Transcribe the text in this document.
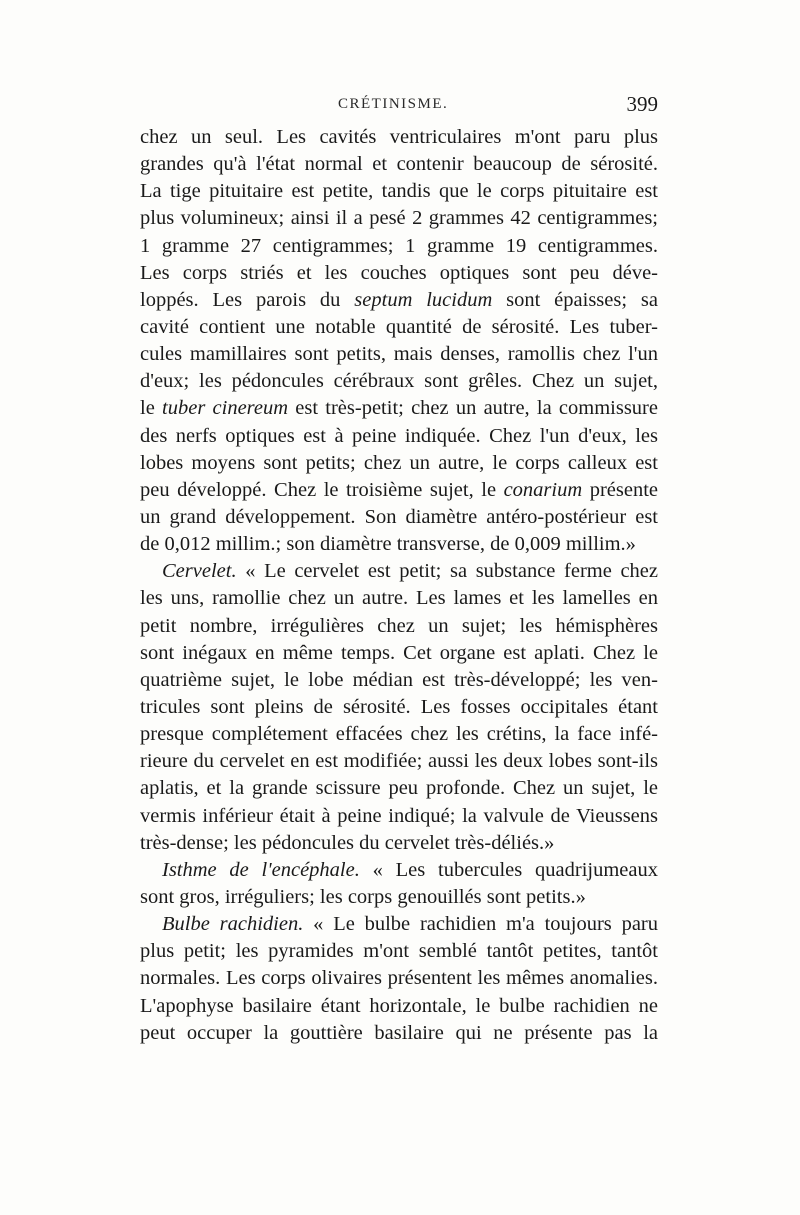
CRÉTINISME.	399
chez un seul. Les cavités ventriculaires m'ont paru plus
grandes qu'à l'état normal et contenir beaucoup de sérosité.
La tige pituitaire est petite, tandis que le corps pituitaire est
plus volumineux; ainsi il a pesé 2 grammes 42 centigrammes;
1 gramme 27 centigrammes; 1 gramme 19 centigrammes.
Les corps striés et les couches optiques sont peu déve-
loppés. Les parois du septum lucidum sont épaisses; sa
cavité contient une notable quantité de sérosité. Les tuber-
cules mamillaires sont petits, mais denses, ramollis chez l'un
d'eux; les pédoncules cérébraux sont grêles. Chez un sujet,
le tuber cinereum est très-petit; chez un autre, la commissure
des nerfs optiques est à peine indiquée. Chez l'un d'eux, les
lobes moyens sont petits; chez un autre, le corps calleux est
peu développé. Chez le troisième sujet, le conarium présente
un grand développement. Son diamètre antéro-postérieur est
de 0,012 millim.; son diamètre transverse, de 0,009 millim.»
Cervelet. « Le cervelet est petit; sa substance ferme chez
les uns, ramollie chez un autre. Les lames et les lamelles en
petit nombre, irrégulières chez un sujet; les hémisphères
sont inégaux en même temps. Cet organe est aplati. Chez le
quatrième sujet, le lobe médian est très-développé; les ven-
tricules sont pleins de sérosité. Les fosses occipitales étant
presque complétement effacées chez les crétins, la face infé-
rieure du cervelet en est modifiée; aussi les deux lobes sont-ils
aplatis, et la grande scissure peu profonde. Chez un sujet, le
vermis inférieur était à peine indiqué; la valvule de Vieussens
très-dense; les pédoncules du cervelet très-déliés.»
Isthme de l'encéphale. « Les tubercules quadrijumeaux
sont gros, irréguliers; les corps genouillés sont petits.»
Bulbe rachidien. « Le bulbe rachidien m'a toujours paru
plus petit; les pyramides m'ont semblé tantôt petites, tantôt
normales. Les corps olivaires présentent les mêmes anomalies.
L'apophyse basilaire étant horizontale, le bulbe rachidien ne
peut occuper la gouttière basilaire qui ne présente pas la
